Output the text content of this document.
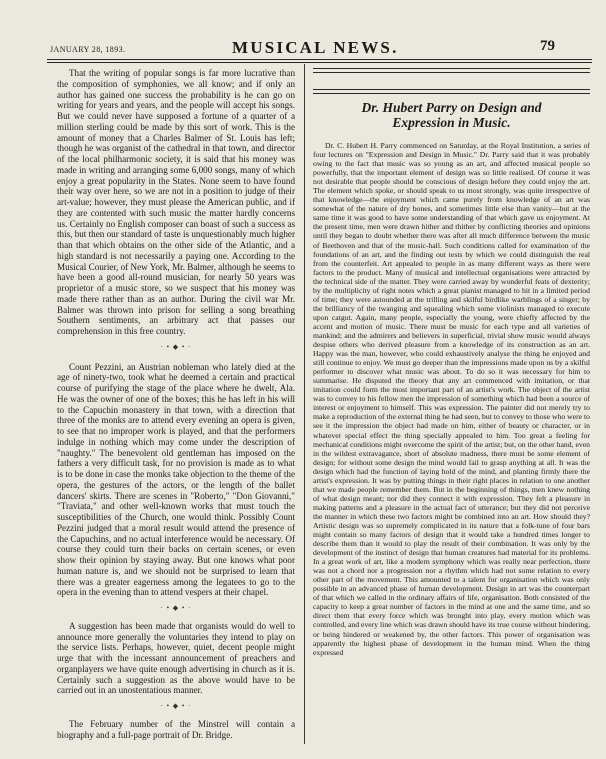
JANUARY 28, 1893.	MUSICAL NEWS.	79

That the writing of popular songs is far more lucrative than the composition of symphonies, we all know; and if only an author has gained one success the probability is he can go on writing for years and years, and the people will accept his songs. But we could never have supposed a fortune of a quarter of a million sterling could be made by this sort of work. This is the amount of money that a Charles Balmer of St. Louis has left; though he was organist of the cathedral in that town, and director of the local philharmonic society, it is said that his money was made in writing and arranging some 6,000 songs, many of which enjoy a great popularity in the States. None seem to have found their way over here, so we are not in a position to judge of their art-value; however, they must please the American public, and if they are contented with such music the matter hardly concerns us. Certainly no English composer can boast of such a success as this, but then our standard of taste is unquestionably much higher than that which obtains on the other side of the Atlantic, and a high standard is not necessarily a paying one. According to the Musical Courier, of New York, Mr. Balmer, although he seems to have been a good all-round musician, for nearly 50 years was proprietor of a music store, so we suspect that his money was made there rather than as an author. During the civil war Mr. Balmer was thrown into prison for selling a song breathing Southern sentiments, an arbitrary act that passes our comprehension in this free country.

· • ◆ • ·

Count Pezzini, an Austrian nobleman who lately died at the age of ninety-two, took what he deemed a certain and practical course of purifying the stage of the place where he dwelt, Ala. He was the owner of one of the boxes; this he has left in his will to the Capuchin monastery in that town, with a direction that three of the monks are to attend every evening an opera is given, to see that no improper work is played, and that the performers indulge in nothing which may come under the description of "naughty." The benevolent old gentleman has imposed on the fathers a very difficult task, for no provision is made as to what is to be done in case the monks take objection to the theme of the opera, the gestures of the actors, or the length of the ballet dancers' skirts. There are scenes in "Roberto," "Don Giovanni," "Traviata," and other well-known works that must touch the susceptibilities of the Church, one would think. Possibly Count Pezzini judged that a moral result would attend the presence of the Capuchins, and no actual interference would be necessary. Of course they could turn their backs on certain scenes, or even show their opinion by staying away. But one knows what poor human nature is, and we should not be surprised to learn that there was a greater eagerness among the legatees to go to the opera in the evening than to attend vespers at their chapel.

· • ◆ • ·

A suggestion has been made that organists would do well to announce more generally the voluntaries they intend to play on the service lists. Perhaps, however, quiet, decent people might urge that with the incessant announcement of preachers and organplayers we have quite enough advertising in church as it is. Certainly such a suggestion as the above would have to be carried out in an unostentatious manner.

· • ◆ • ·

The February number of the Minstrel will contain a biography and a full-page portrait of Dr. Bridge.

Dr. Hubert Parry on Design and
Expression in Music.

Dr. C. Hubert H. Parry commenced on Saturday, at the Royal Institution, a series of four lectures on "Expression and Design in Music." Dr. Parry said that it was probably owing to the fact that music was so young as an art, and affected musical people so powerfully, that the important element of design was so little realised. Of course it was not desirable that people should be conscious of design before they could enjoy the art. The element which spoke, or should speak to us most strongly, was quite irrespective of that knowledge—the enjoyment which came purely from knowledge of an art was somewhat of the nature of dry bones, and sometimes little else than vanity—but at the same time it was good to have some understanding of that which gave us enjoyment. At the present time, men were drawn hither and thither by conflicting theories and opinions until they began to doubt whether there was after all much difference between the music of Beethoven and that of the music-hall. Such conditions called for examination of the foundations of an art, and the finding out tests by which we could distinguish the real from the counterfeit. Art appealed to people in as many different ways as there were factors to the product. Many of musical and intellectual organisations were attracted by the technical side of the matter. They were carried away by wonderful feats of dexterity; by the multiplicity of right notes which a great pianist managed to hit in a limited period of time; they were astounded at the trilling and skilful birdlike warblings of a singer; by the brilliancy of the twanging and squealing which some violinists managed to execute upon catgut. Again, many people, especially the young, were chiefly affected by the accent and motion of music. There must be music for each type and all varieties of mankind; and the admirers and believers in superficial, trivial show music would always despise others who derived pleasure from a knowledge of its construction as an art. Happy was the man, however, who could exhaustively analyse the thing he enjoyed and still continue to enjoy. We must go deeper than the impressions made upon us by a skilful performer to discover what music was about. To do so it was necessary for him to summarise. He disputed the theory that any art commenced with imitation, or that imitation could form the most important part of an artist's work. The object of the artist was to convey to his fellow men the impression of something which had been a source of interest or enjoyment to himself. This was expression. The painter did not merely try to make a reproduction of the external thing he had seen, but to convey to those who were to see it the impression the object had made on him, either of beauty or character, or in whatever special effect the thing specially appealed to him. Too great a feeling for mechanical conditions might overcome the spirit of the artist; but, on the other hand, even in the wildest extravagance, short of absolute madness, there must be some element of design; for without some design the mind would fail to grasp anything at all. It was the design which had the function of laying hold of the mind, and planting firmly there the artist's expression. It was by putting things in their right places in relation to one another that we made people remember them. But in the beginning of things, men knew nothing of what design meant; nor did they connect it with expression. They felt a pleasure in making patterns and a pleasure in the actual fact of utterance; but they did not perceive the manner in which these two factors might be combined into an art. How should they? Artistic design was so supremely complicated in its nature that a folk-tune of four bars might contain so many factors of design that it would take a hundred times longer to describe them than it would to play the result of their combination. It was only by the development of the instinct of design that human creatures had material for its problems. In a great work of art, like a modern symphony which was really near perfection, there was not a chord nor a progression nor a rhythm which had not some relation to every other part of the movement. This amounted to a talent for organisation which was only possible in an advanced phase of human development. Design in art was the counterpart of that which we called in the ordinary affairs of life, organisation. Both consisted of the capacity to keep a great number of factors in the mind at one and the same time, and so direct them that every force which was brought into play, every motion which was controlled, and every line which was drawn should have its true course without hindering, or being hindered or weakened by, the other factors. This power of organisation was apparently the highest phase of development in the human mind. When the thing expressed
